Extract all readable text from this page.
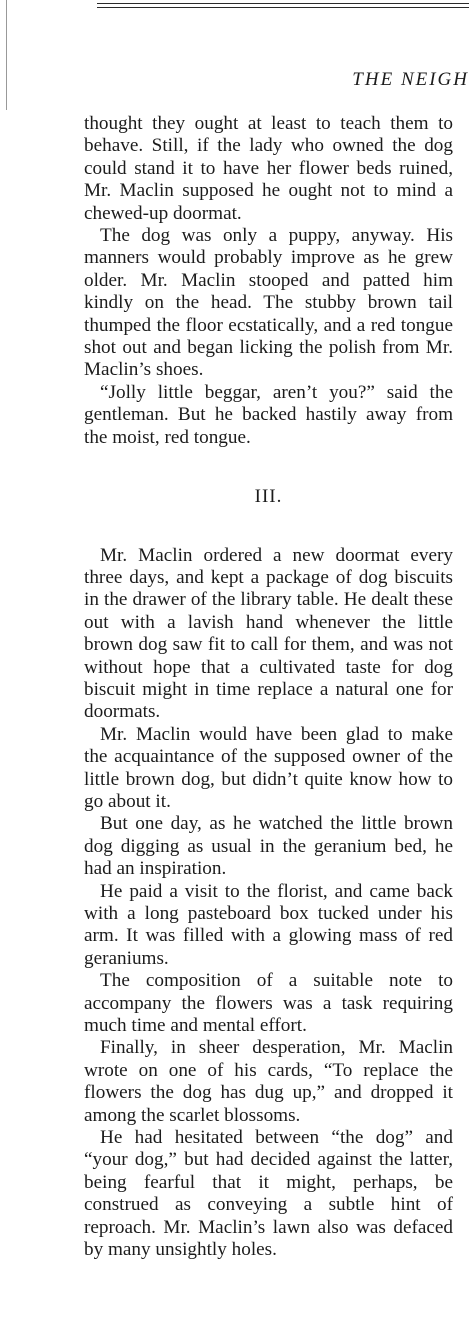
THE NEIGH

thought they ought at least to teach them to behave. Still, if the lady who owned the dog could stand it to have her flower beds ruined, Mr. Maclin supposed he ought not to mind a chewed-up doormat.

The dog was only a puppy, anyway. His manners would probably improve as he grew older. Mr. Maclin stooped and patted him kindly on the head. The stubby brown tail thumped the floor ecstatically, and a red tongue shot out and began licking the polish from Mr. Maclin’s shoes.

“Jolly little beggar, aren’t you?” said the gentleman. But he backed hastily away from the moist, red tongue.

III.

Mr. Maclin ordered a new doormat every three days, and kept a package of dog biscuits in the drawer of the library table. He dealt these out with a lavish hand whenever the little brown dog saw fit to call for them, and was not without hope that a cultivated taste for dog biscuit might in time replace a natural one for doormats.

Mr. Maclin would have been glad to make the acquaintance of the supposed owner of the little brown dog, but didn’t quite know how to go about it.

But one day, as he watched the little brown dog digging as usual in the geranium bed, he had an inspiration.

He paid a visit to the florist, and came back with a long pasteboard box tucked under his arm. It was filled with a glowing mass of red geraniums.

The composition of a suitable note to accompany the flowers was a task requiring much time and mental effort.

Finally, in sheer desperation, Mr. Maclin wrote on one of his cards, “To replace the flowers the dog has dug up,” and dropped it among the scarlet blossoms.

He had hesitated between “the dog” and “your dog,” but had decided against the latter, being fearful that it might, perhaps, be construed as conveying a subtle hint of reproach. Mr. Maclin’s lawn also was defaced by many unsightly holes.
